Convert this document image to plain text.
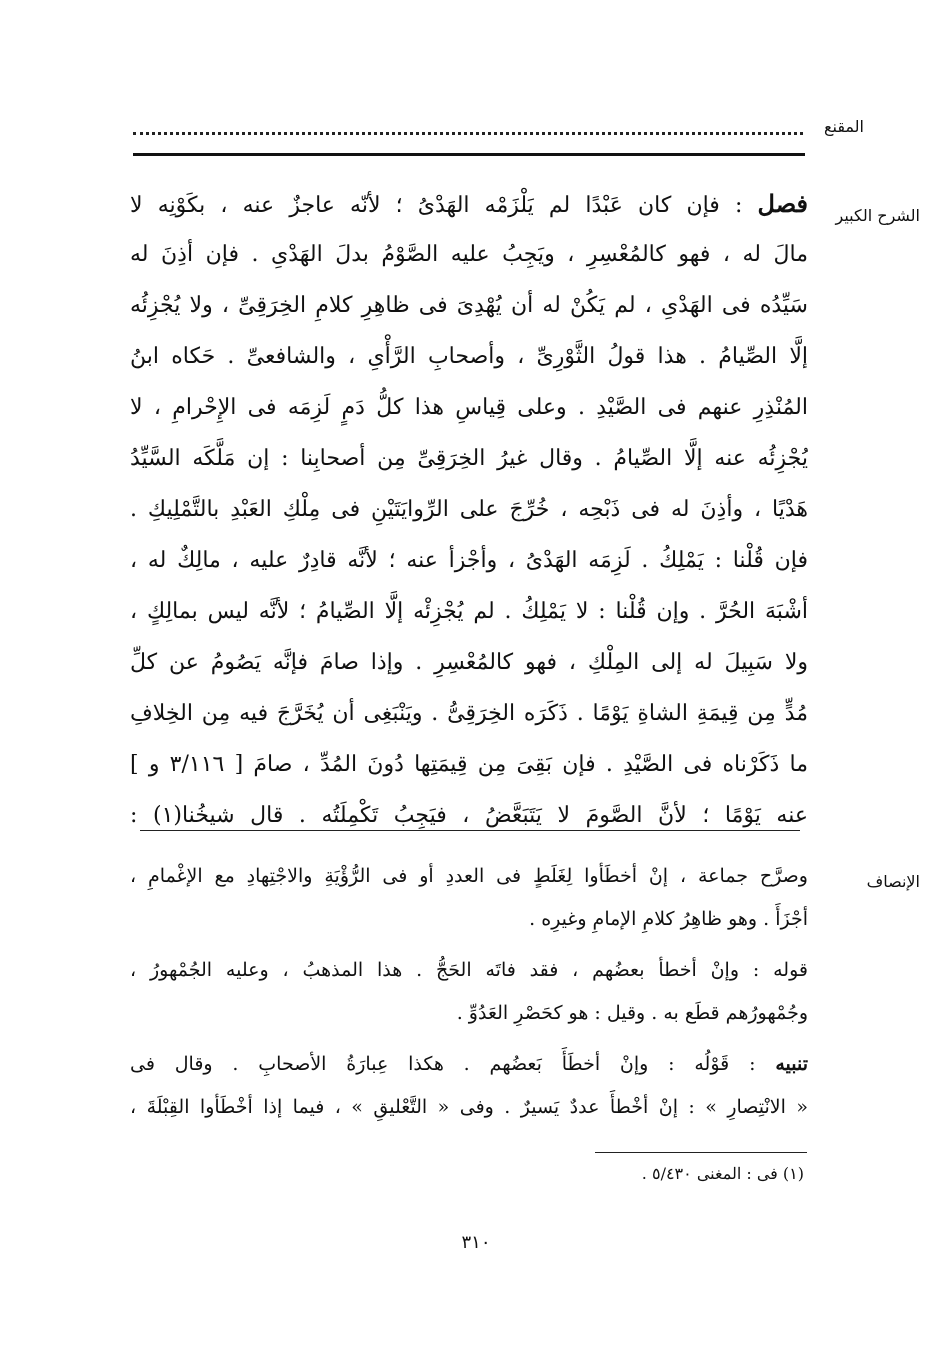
المقنع
الشرح الكبير
فصل : فإن كان عَبْدًا لم يَلْزَمْه الهَدْىُ ؛ لأنّه عاجزٌ عنه ، بكَوْنِه لا
مالَ له ، فهو كالمُعْسِرِ ، ويَجِبُ عليه الصَّوْمُ بدلَ الهَدْىِ . فإن أذِنَ له
سَيِّدُه فى الهَدْىِ ، لم يَكُنْ له أن يُهْدِىَ فى ظاهِرِ كلامِ الخِرَقِىِّ ، ولا يُجْزِئُه
إلَّا الصِّيامُ . هذا قولُ الثَّوْرِىِّ ، وأصحابِ الرَّأْىِ ، والشافعىِّ . حَكاه ابنُ
المُنْذِرِ عنهم فى الصَّيْدِ . وعلى قِياسِ هذا كلُّ دَمٍ لَزِمَه فى الإِحْرامِ ، لا
يُجْزِئُه عنه إلَّا الصِّيامُ . وقال غيرُ الخِرَقِىِّ مِن أصحابِنا : إن مَلَّكَه السَّيِّدُ
هَدْيًا ، وأذِنَ له فى ذَبْحِه ، خُرِّجَ على الرِّوايَتَيْنِ فى مِلْكِ العَبْدِ بالتَّمْلِيكِ .
فإن قُلْنا : يَمْلِكُ . لَزِمَه الهَدْىُ ، وأجْزأ عنه ؛ لأنَّه قادِرٌ عليه ، مالِكٌ له ،
أشْبَهَ الحُرَّ . وإن قُلْنا : لا يَمْلِكُ . لم يُجْزِئْه إلَّا الصِّيامُ ؛ لأنَّه ليس بمالِكٍ ،
ولا سَبِيلَ له إلى المِلْكِ ، فهو كالمُعْسِرِ . وإذا صامَ فإنَّه يَصُومُ عن كلِّ
مُدٍّ مِن قِيمَةِ الشاةِ يَوْمًا . ذَكَرَه الخِرَقِىُّ . ويَنْبَغِى أن يُخَرَّجَ فيه مِن الخِلافِ
ما ذَكَرْناه فى الصَّيْدِ . فإن بَقِىَ مِن قِيمَتِها دُونَ المُدِّ ، صامَ [ ٣/١١٦ و ]
عنه يَوْمًا ؛ لأنَّ الصَّومَ لا يَتَبَعَّضُ ، فيَجِبُ تَكْمِلَتُه . قال شيخُنا(١) :
الإنصاف
وصرَّح جماعة ، إنْ أخطَأوا لِغَلَطٍ فى العددِ أو فى الرُّؤْيَةِ والاجْتِهادِ مع الإغْمامِ ،
أجْزَأَ . وهو ظاهِرُ كلامِ الإمامِ وغيرِه .
قوله : وإنْ أخطأ بعضُهم ، فقد فاتَه الحَجُّ . هذا المذهبُ ، وعليه الجُمْهورُ ،
وجُمْهورُهم قطَع به . وقيل : هو كحَصْرِ العَدُوِّ .
تنبيه : قَوْلُه : وإنْ أخطَأَ بَعضُهم . هكذا عِبارَةُ الأصحابِ . وقال فى
« الانْتِصارِ » : إنْ أخْطأَ عددٌ يَسيرٌ . وفى « التَّعْليقِ » ، فيما إذا أخْطَأوا القِبْلَةَ ،
(١) فى : المغنى ٥/٤٣٠ .
٣١٠
